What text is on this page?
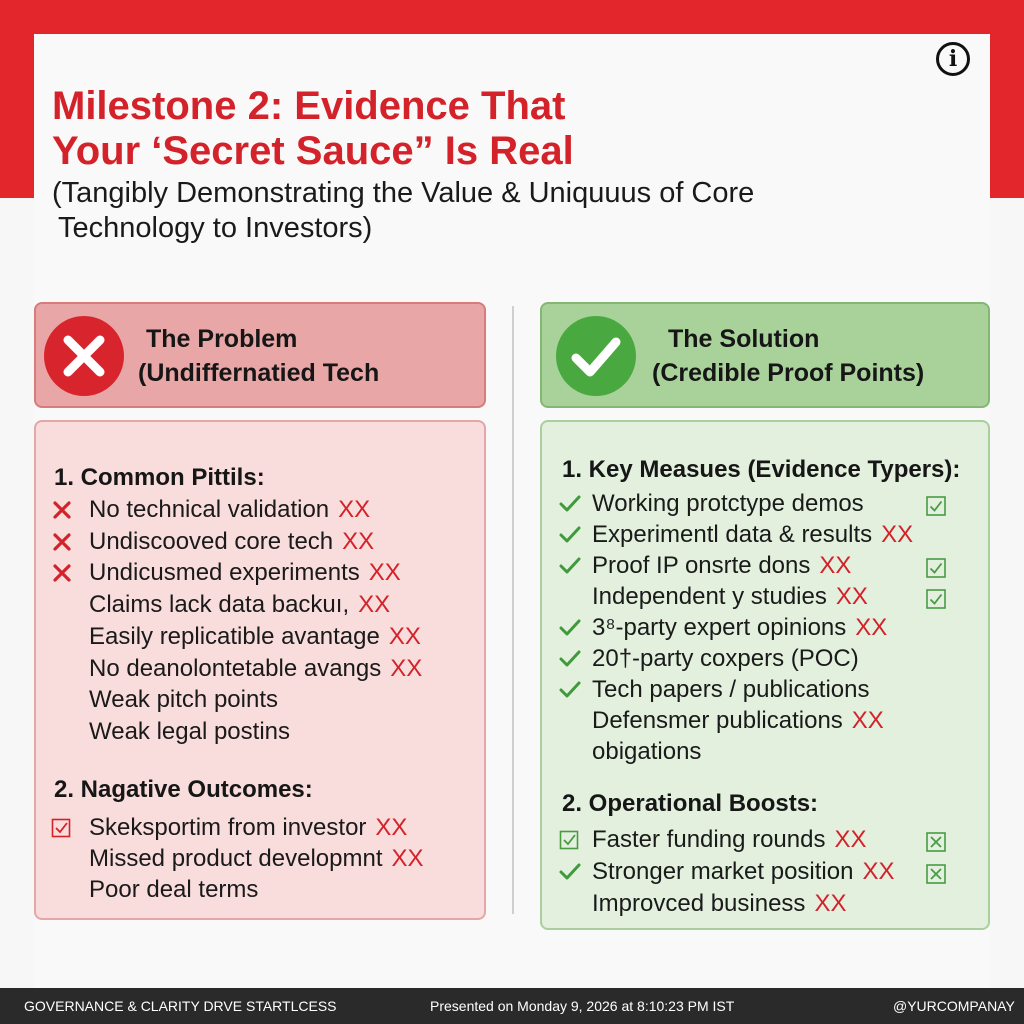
i
Milestone 2: Evidence That
Your ‘Secret Sauce” Is Real

(Tangibly Demonstrating the Value & Uniquuus of Core
Technology to Investors)

The Problem
(Undiffernatied Tech
The Solution
(Credible Proof Points)
1. Common Pittils:
No technical validation XX
Undiscooved core tech XX
Undicusmed experiments XX
Claims lack data backuı, XX
Easily replicatible avantage XX
No deanolontetable avangs XX
Weak pitch points
Weak legal postins
2. Nagative Outcomes:
Skeksportim from investor XX
Missed product developmnt XX
Poor deal terms
1. Key Measues (Evidence Typers):
Working protctype demos
Experimentl data & results XX
Proof IP onsrte dons XX
Independent y studies XX
3⁸-party expert opinions XX
20†-party coxpers (POC)
Tech papers / publications
Defensmer publications XX
obigations
2. Operational Boosts:
Faster funding rounds XX
Stronger market position XX
Improvced business XX
GOVERNANCE & CLARITY DRVE STARTLCESS	Presented on Monday 9, 2026 at 8:10:23 PM IST	@YURCOMPANAY
